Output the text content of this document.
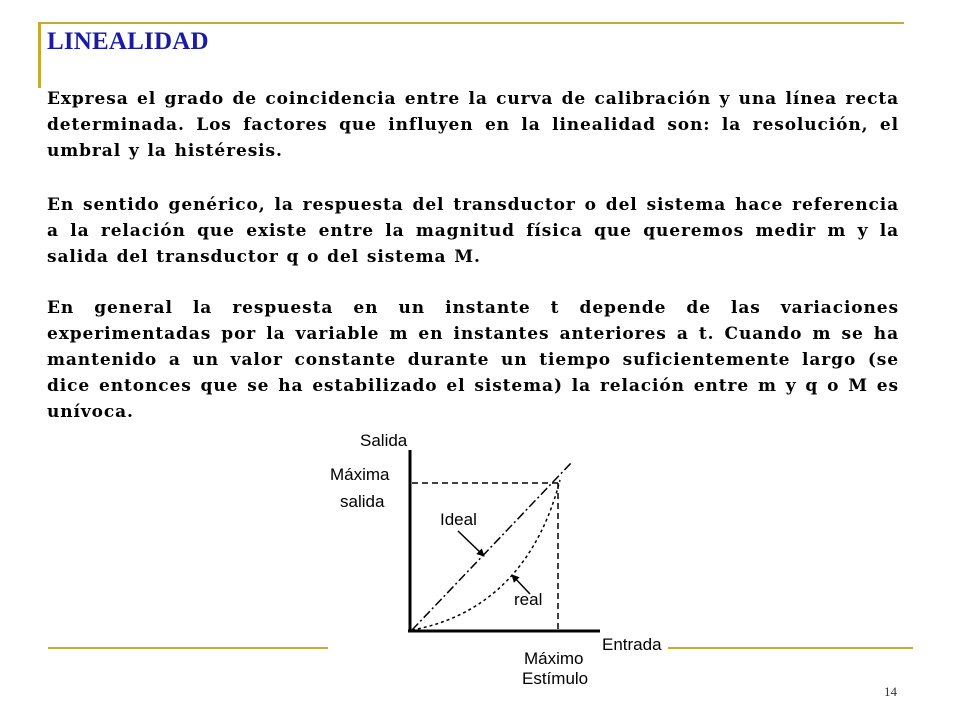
LINEALIDAD

Expresa el grado de coincidencia entre la curva de calibración y una línea recta determinada. Los factores que influyen en la linealidad son: la resolución, el umbral y la histéresis.

En sentido genérico, la respuesta del transductor o del sistema hace referencia a la relación que existe entre la magnitud física que queremos medir m y la salida del transductor q o del sistema M.

En general la respuesta en un instante t depende de las variaciones experimentadas por la variable m en instantes anteriores a t. Cuando m se ha mantenido a un valor constante durante un tiempo suficientemente largo (se dice entonces que se ha estabilizado el sistema) la relación entre m y q o M es unívoca.

Salida
Máxima
salida
Ideal
real
Entrada
Máximo
Estímulo
14
